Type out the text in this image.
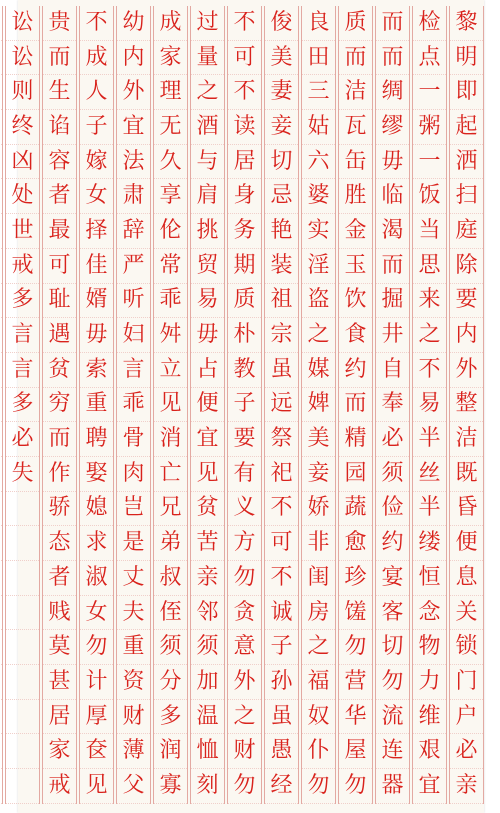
黎
明
即
起
洒
扫
庭
除
要
内
外
整
洁
既
昏
便
息
关
锁
门
户
必
亲
检
点
一
粥
一
饭
当
思
来
之
不
易
半
丝
半
缕
恒
念
物
力
维
艰
宜
而
而
绸
缪
毋
临
渴
而
掘
井
自
奉
必
须
俭
约
宴
客
切
勿
流
连
器
质
而
洁
瓦
缶
胜
金
玉
饮
食
约
而
精
园
蔬
愈
珍
馐
勿
营
华
屋
勿
良
田
三
姑
六
婆
实
淫
盗
之
媒
婢
美
妾
娇
非
闺
房
之
福
奴
仆
勿
俊
美
妻
妾
切
忌
艳
装
祖
宗
虽
远
祭
祀
不
可
不
诚
子
孙
虽
愚
经
不
可
不
读
居
身
务
期
质
朴
教
子
要
有
义
方
勿
贪
意
外
之
财
勿
过
量
之
酒
与
肩
挑
贸
易
毋
占
便
宜
见
贫
苦
亲
邻
须
加
温
恤
刻
成
家
理
无
久
享
伦
常
乖
舛
立
见
消
亡
兄
弟
叔
侄
须
分
多
润
寡
幼
内
外
宜
法
肃
辞
严
听
妇
言
乖
骨
肉
岂
是
丈
夫
重
资
财
薄
父
不
成
人
子
嫁
女
择
佳
婿
毋
索
重
聘
娶
媳
求
淑
女
勿
计
厚
奁
见
贵
而
生
谄
容
者
最
可
耻
遇
贫
穷
而
作
骄
态
者
贱
莫
甚
居
家
戒
讼
讼
则
终
凶
处
世
戒
多
言
言
多
必
失
